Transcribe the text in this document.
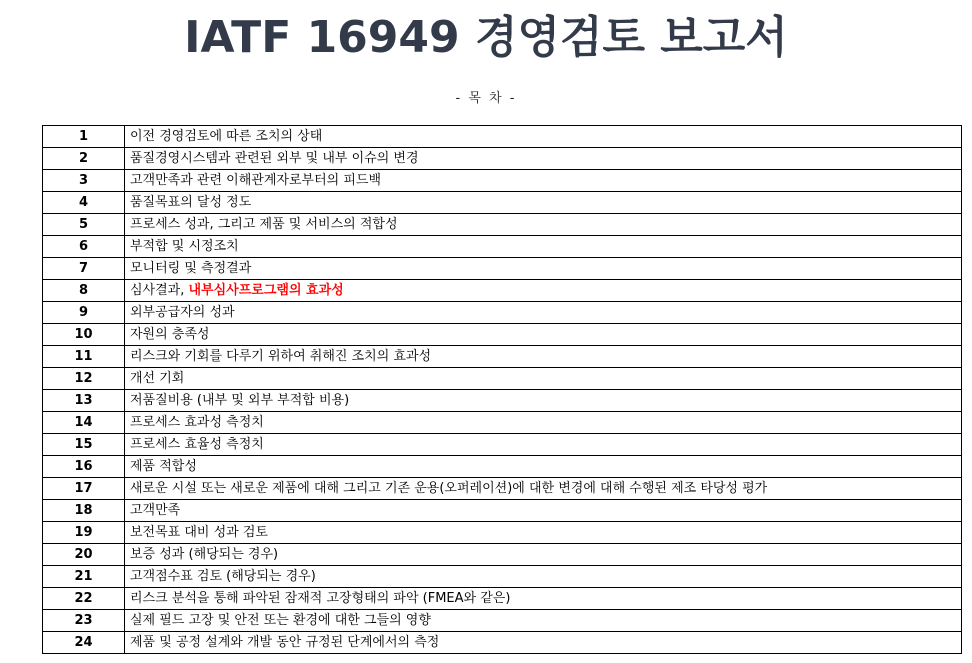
IATF 16949 경영검토 보고서
- 목 차 -
1	이전 경영검토에 따른 조치의 상태
2	품질경영시스템과 관련된 외부 및 내부 이슈의 변경
3	고객만족과 관련 이해관계자로부터의 피드백
4	품질목표의 달성 정도
5	프로세스 성과, 그리고 제품 및 서비스의 적합성
6	부적합 및 시정조치
7	모니터링 및 측정결과
8	심사결과, 내부심사프로그램의 효과성
9	외부공급자의 성과
10	자원의 충족성
11	리스크와 기회를 다루기 위하여 취해진 조치의 효과성
12	개선 기회
13	저품질비용 (내부 및 외부 부적합 비용)
14	프로세스 효과성 측정치
15	프로세스 효율성 측정치
16	제품 적합성
17	새로운 시설 또는 새로운 제품에 대해 그리고 기존 운용(오퍼레이션)에 대한 변경에 대해 수행된 제조 타당성 평가
18	고객만족
19	보전목표 대비 성과 검토
20	보증 성과 (해당되는 경우)
21	고객점수표 검토 (해당되는 경우)
22	리스크 분석을 통해 파악된 잠재적 고장형태의 파악 (FMEA와 같은)
23	실제 필드 고장 및 안전 또는 환경에 대한 그들의 영향
24	제품 및 공정 설계와 개발 동안 규정된 단계에서의 측정
